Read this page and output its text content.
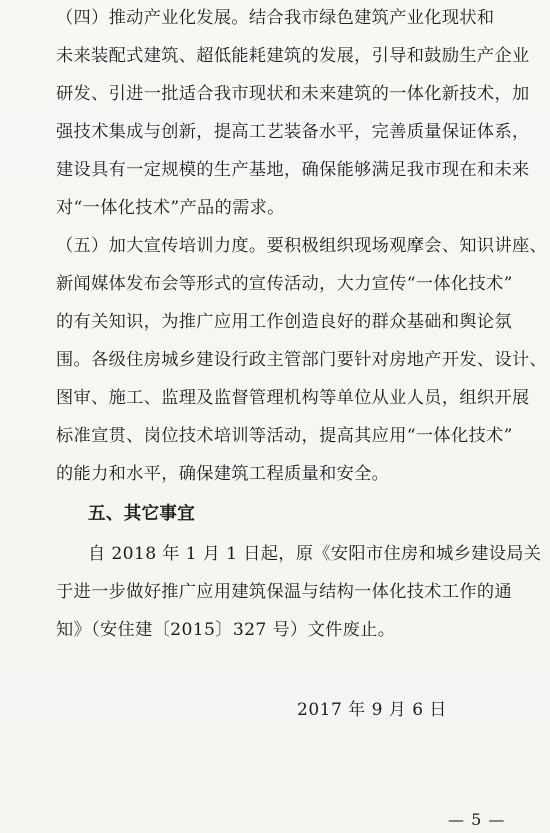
（四）推动产业化发展。结合我市绿色建筑产业化现状和
未来装配式建筑、超低能耗建筑的发展，引导和鼓励生产企业
研发、引进一批适合我市现状和未来建筑的一体化新技术，加
强技术集成与创新，提高工艺装备水平，完善质量保证体系，
建设具有一定规模的生产基地，确保能够满足我市现在和未来
对“一体化技术”产品的需求。
（五）加大宣传培训力度。要积极组织现场观摩会、知识讲座、
新闻媒体发布会等形式的宣传活动，大力宣传“一体化技术”
的有关知识，为推广应用工作创造良好的群众基础和舆论氛
围。各级住房城乡建设行政主管部门要针对房地产开发、设计、
图审、施工、监理及监督管理机构等单位从业人员，组织开展
标准宣贯、岗位技术培训等活动，提高其应用“一体化技术”
的能力和水平，确保建筑工程质量和安全。
五、其它事宜
自 2018 年 1 月 1 日起，原《安阳市住房和城乡建设局关
于进一步做好推广应用建筑保温与结构一体化技术工作的通
知》（安住建〔2015〕327 号）文件废止。
2017 年 9 月 6 日
— 5 —
